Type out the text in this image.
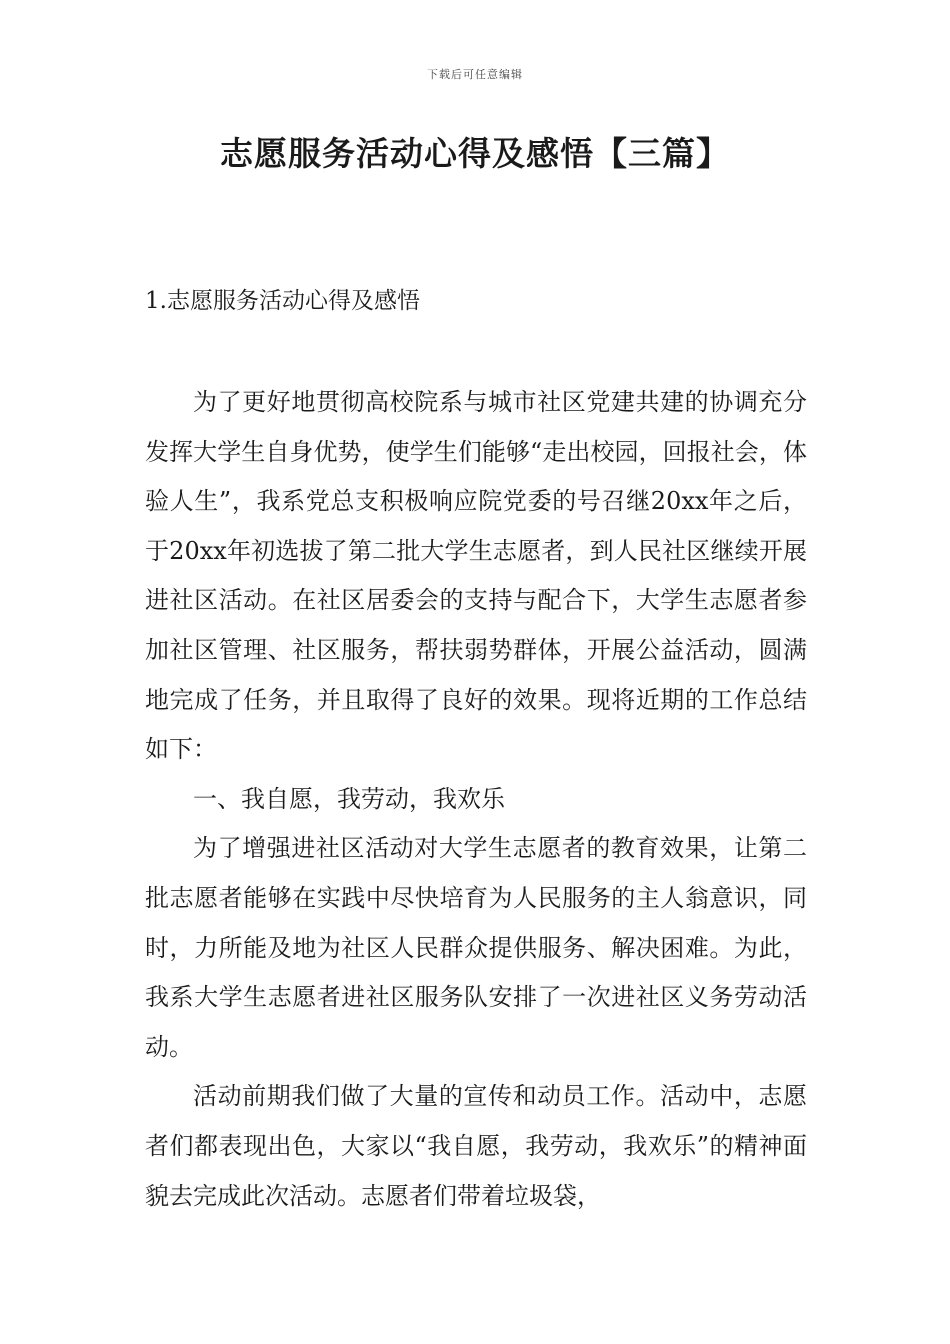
下载后可任意编辑
志愿服务活动心得及感悟【三篇】
1.志愿服务活动心得及感悟

为了更好地贯彻高校院系与城市社区党建共建的协调充分发挥大学生自身优势，使学生们能够“走出校园，回报社会，体验人生”，我系党总支积极响应院党委的号召继20xx年之后，于20xx年初选拔了第二批大学生志愿者，到人民社区继续开展进社区活动。在社区居委会的支持与配合下，大学生志愿者参加社区管理、社区服务，帮扶弱势群体，开展公益活动，圆满地完成了任务，并且取得了良好的效果。现将近期的工作总结如下：

一、我自愿，我劳动，我欢乐

为了增强进社区活动对大学生志愿者的教育效果，让第二批志愿者能够在实践中尽快培育为人民服务的主人翁意识，同时，力所能及地为社区人民群众提供服务、解决困难。为此，我系大学生志愿者进社区服务队安排了一次进社区义务劳动活动。

活动前期我们做了大量的宣传和动员工作。活动中，志愿者们都表现出色，大家以“我自愿，我劳动，我欢乐”的精神面貌去完成此次活动。志愿者们带着垃圾袋，
